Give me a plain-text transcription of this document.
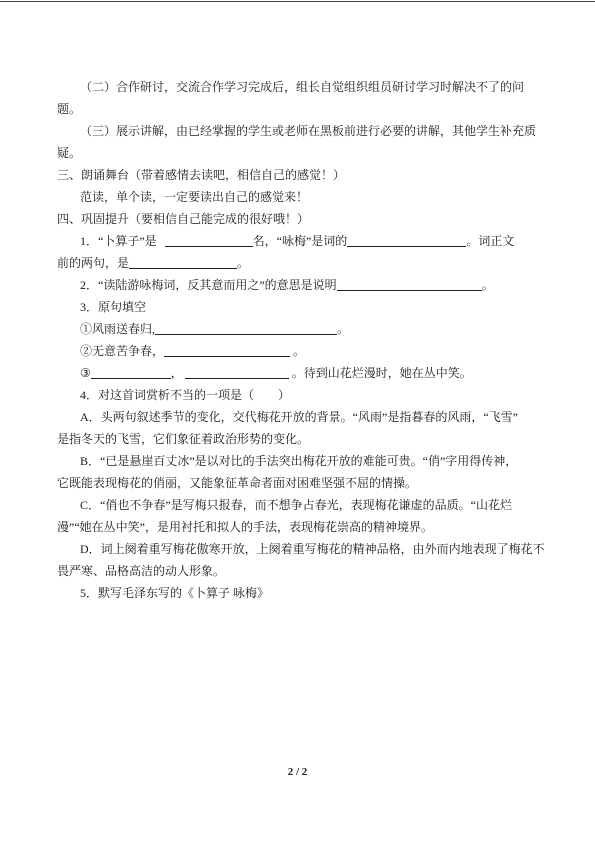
（二）合作研讨，交流合作学习完成后，组长自觉组织组员研讨学习时解决不了的问
题。
（三）展示讲解，由已经掌握的学生或老师在黑板前进行必要的讲解，其他学生补充质
疑。
三、朗诵舞台（带着感情去读吧，相信自己的感觉！）
范读，单个读，一定要读出自己的感觉来！
四、巩固提升（要相信自己能完成的很好哦！）
1．“卜算子”是	名，“咏梅”是词的	。词正文
前的两句，是	。
2．“读陆游咏梅词，反其意而用之”的意思是说明	。
3．原句填空
①风雨送春归,	。
②无意苦争春，	。
③	，	。待到山花烂漫时，她在丛中笑。
4．对这首词赏析不当的一项是（　　）
A．头两句叙述季节的变化，交代梅花开放的背景。“风雨”是指暮春的风雨，“飞雪”
是指冬天的飞雪，它们象征着政治形势的变化。
B．“已是悬崖百丈冰”是以对比的手法突出梅花开放的难能可贵。“俏”字用得传神，
它既能表现梅花的俏丽，又能象征革命者面对困难坚强不屈的情操。
C．“俏也不争春”是写梅只报春，而不想争占春光，表现梅花谦虚的品质。“山花烂
漫”“她在丛中笑”，是用衬托和拟人的手法，表现梅花崇高的精神境界。
D．词上阕着重写梅花傲寒开放，上阕着重写梅花的精神品格，由外而内地表现了梅花不
畏严寒、品格高洁的动人形象。
5．默写毛泽东写的《卜算子 咏梅》
2 / 2
